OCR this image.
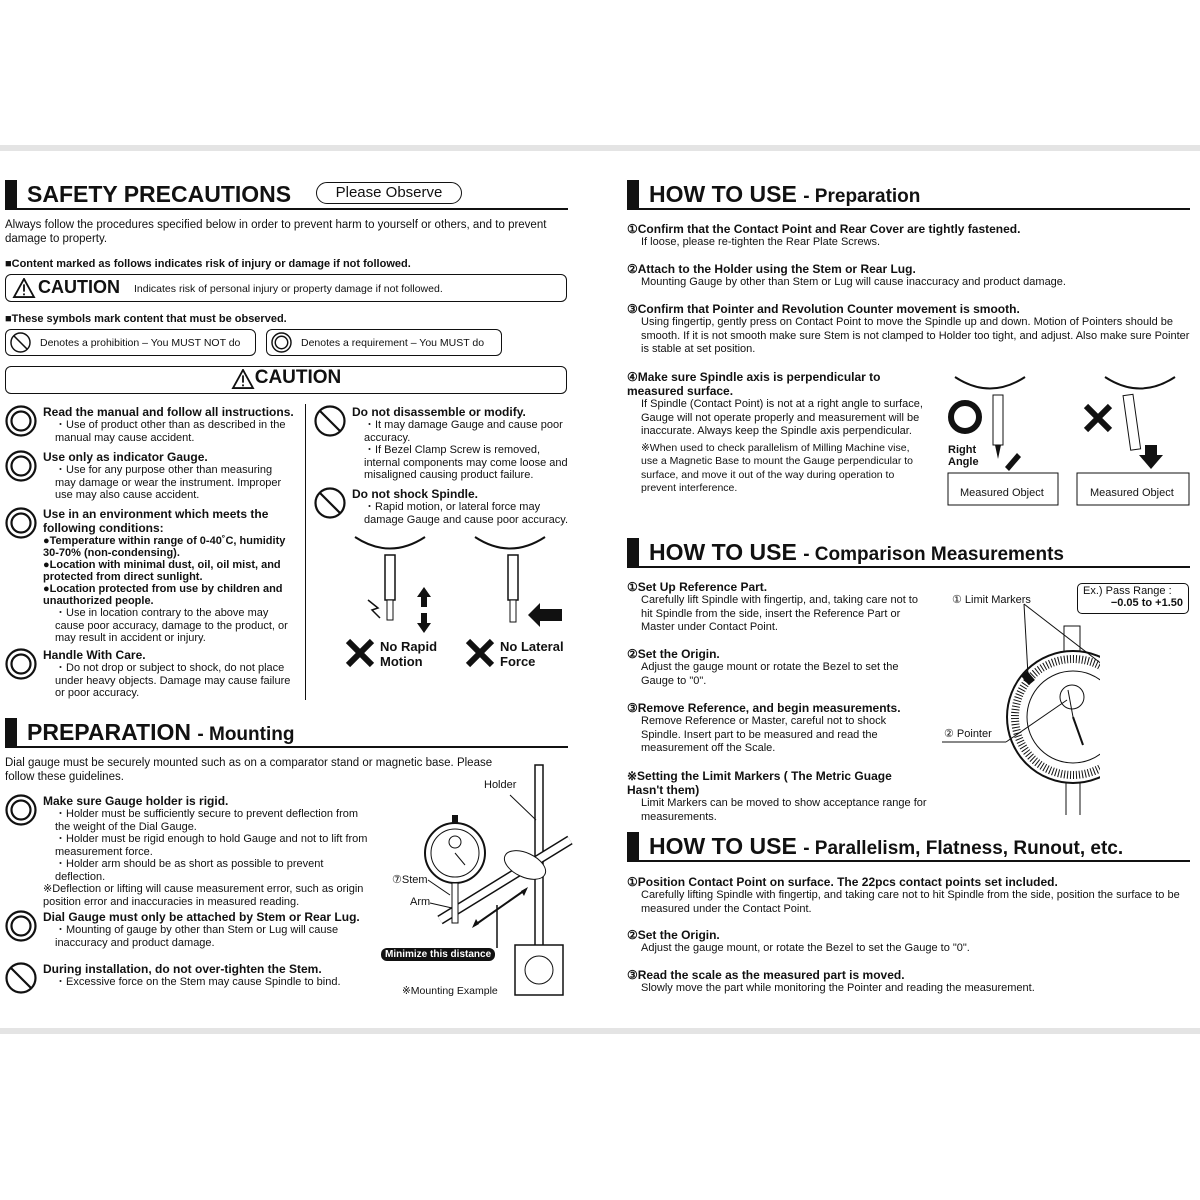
SAFETY PRECAUTIONS	Please Observe
Always follow the procedures specified below in order to prevent harm to yourself or others, and to prevent damage to property.
■Content marked as follows indicates risk of injury or damage if not followed.
CAUTION Indicates risk of personal injury or property damage if not followed.
■These symbols mark content that must be observed.
Denotes a prohibition – You MUST NOT do	Denotes a requirement – You MUST do
CAUTION
Read the manual and follow all instructions.
・Use of product other than as described in the manual may cause accident.
Use only as indicator Gauge.
・Use for any purpose other than measuring may damage or wear the instrument. Improper use may also cause accident.
Use in an environment which meets the following conditions:
●Temperature within range of 0-40˚C, humidity 30-70% (non-condensing).
●Location with minimal dust, oil, oil mist, and protected from direct sunlight.
●Location protected from use by children and unauthorized people.
・Use in location contrary to the above may cause poor accuracy, damage to the product, or may result in accident or injury.
Handle With Care.
・Do not drop or subject to shock, do not place under heavy objects. Damage may cause failure or poor accuracy.
Do not disassemble or modify.
・It may damage Gauge and cause poor accuracy.
・If Bezel Clamp Screw is removed, internal components may come loose and misaligned causing product failure.
Do not shock Spindle.
・Rapid motion, or lateral force may damage Gauge and cause poor accuracy.
No Rapid Motion
No Lateral Force
PREPARATION - Mounting
Dial gauge must be securely mounted such as on a comparator stand or magnetic base. Please follow these guidelines.
Make sure Gauge holder is rigid.
・Holder must be sufficiently secure to prevent deflection from the weight of the Dial Gauge.
・Holder must be rigid enough to hold Gauge and not to lift from measurement force.
・Holder arm should be as short as possible to prevent deflection.
※Deflection or lifting will cause measurement error, such as origin position error and inaccuracies in measured reading.
Dial Gauge must only be attached by Stem or Rear Lug.
・Mounting of gauge by other than Stem or Lug will cause inaccuracy and product damage.
During installation, do not over-tighten the Stem.
・Excessive force on the Stem may cause Spindle to bind.
Holder
⑦Stem
Arm
Minimize this distance
※Mounting Example
HOW TO USE - Preparation
①Confirm that the Contact Point and Rear Cover are tightly fastened.
If loose, please re-tighten the Rear Plate Screws.
②Attach to the Holder using the Stem or Rear Lug.
Mounting Gauge by other than Stem or Lug will cause inaccuracy and product damage.
③Confirm that Pointer and Revolution Counter movement is smooth.
Using fingertip, gently press on Contact Point to move the Spindle up and down. Motion of Pointers should be smooth. If it is not smooth make sure Stem is not clamped to Holder too tight, and adjust. Also make sure Pointer is stable at set position.
④Make sure Spindle axis is perpendicular to measured surface.
If Spindle (Contact Point) is not at a right angle to surface, Gauge will not operate properly and measurement will be inaccurate. Always keep the Spindle axis perpendicular.
※When used to check parallelism of Milling Machine vise, use a Magnetic Base to mount the Gauge perpendicular to surface, and move it out of the way during operation to prevent interference.
Right Angle
Measured Object	Measured Object
HOW TO USE - Comparison Measurements
①Set Up Reference Part.
Carefully lift Spindle with fingertip, and, taking care not to hit Spindle from the side, insert the Reference Part or Master under Contact Point.
②Set the Origin.
Adjust the gauge mount or rotate the Bezel to set the Gauge to "0".
③Remove Reference, and begin measurements.
Remove Reference or Master, careful not to shock Spindle. Insert part to be measured and read the measurement off the Scale.
※Setting the Limit Markers ( The Metric Guage Hasn't them)
Limit Markers can be moved to show acceptance range for measurements.
① Limit Markers
② Pointer
Ex.) Pass Range :
−0.05 to +1.50
HOW TO USE - Parallelism, Flatness, Runout, etc.
①Position Contact Point on surface. The 22pcs contact points set included.
Carefully lifting Spindle with fingertip, and taking care not to hit Spindle from the side, position the surface to be measured under the Contact Point.
②Set the Origin.
Adjust the gauge mount, or rotate the Bezel to set the Gauge to "0".
③Read the scale as the measured part is moved.
Slowly move the part while monitoring the Pointer and reading the measurement.
